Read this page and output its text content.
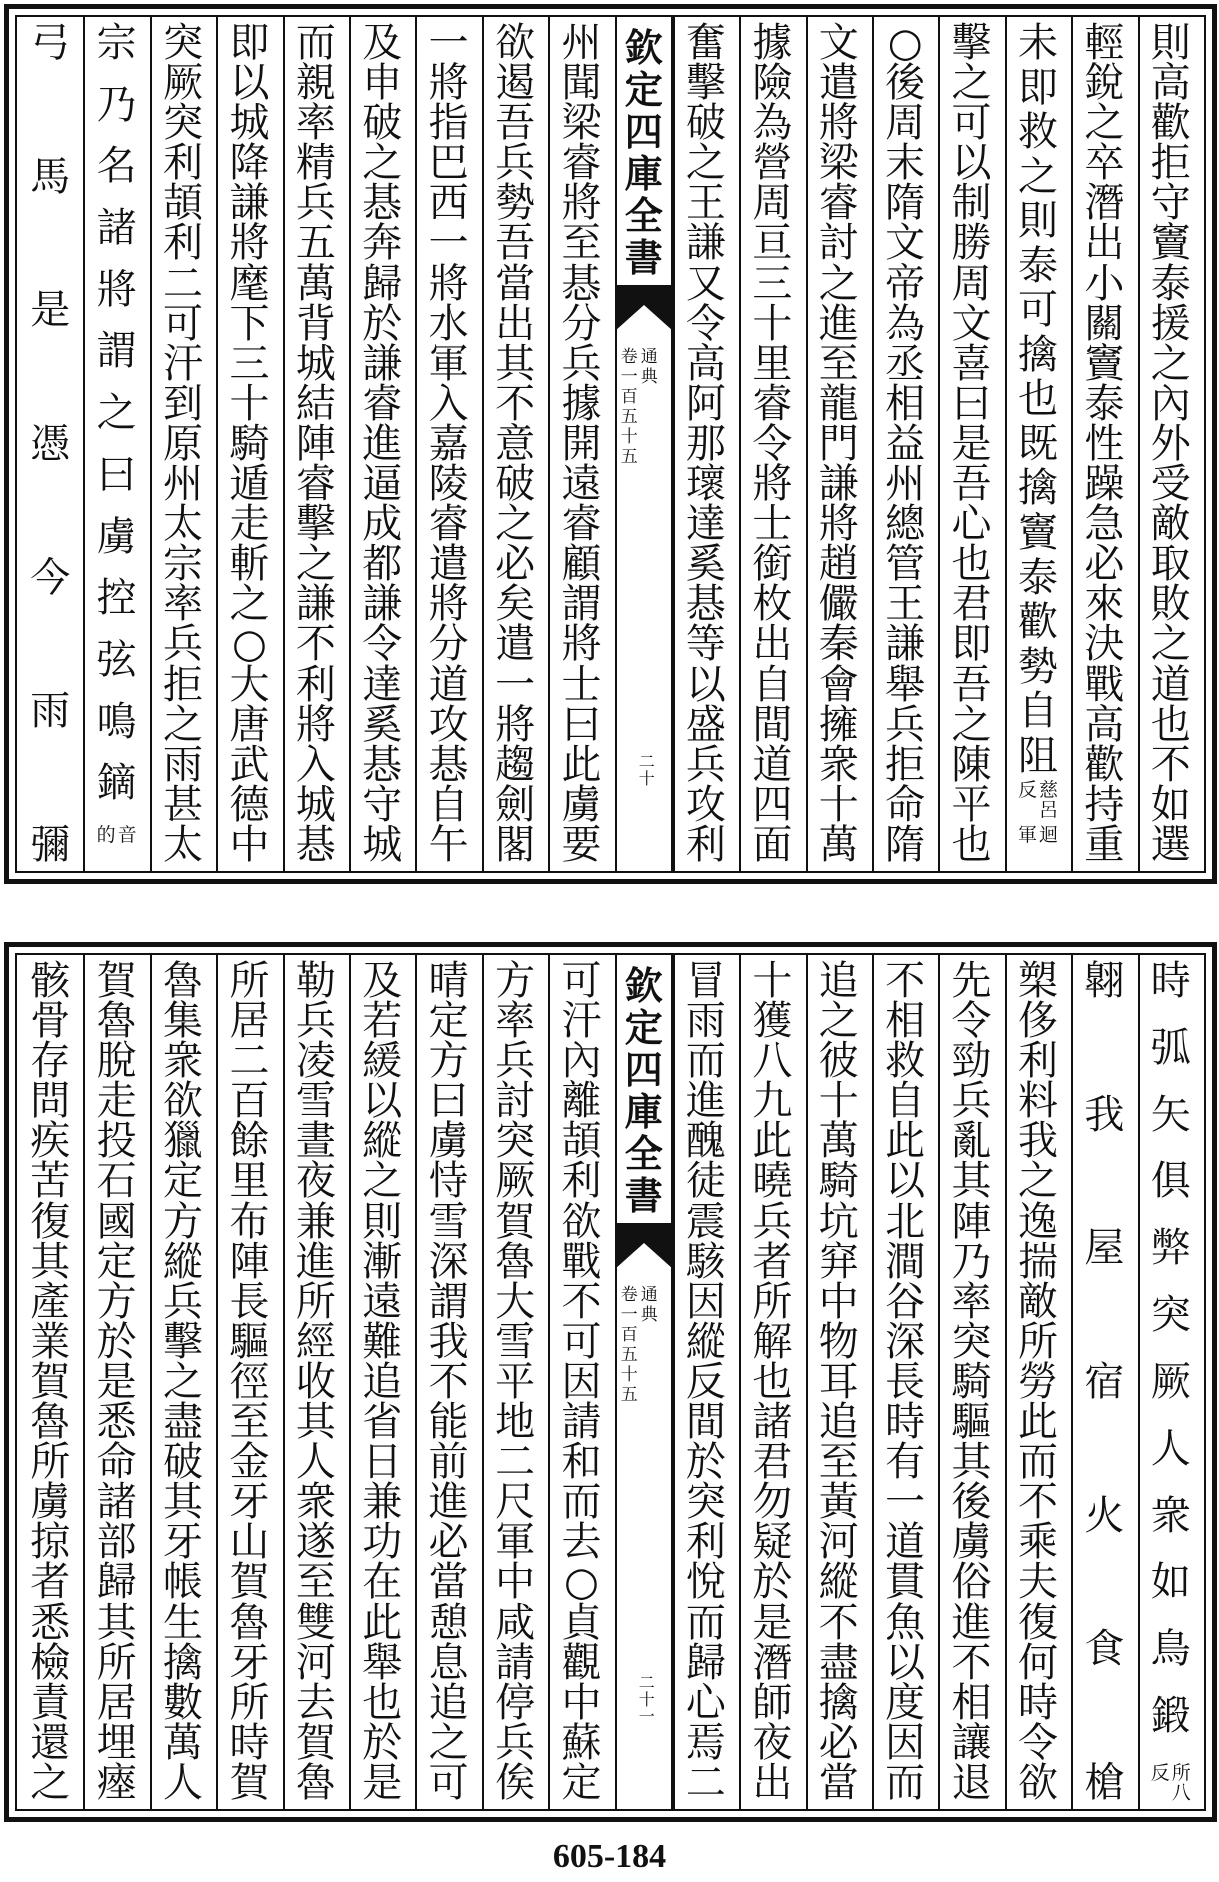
則
高
歡
拒
守
竇
泰
援
之
內
外
受
敵
取
敗
之
道
也
不
如
選
輕
銳
之
卒
潛
出
小
關
竇
泰
性
躁
急
必
來
決
戰
高
歡
持
重
未
即
救
之
則
泰
可
擒
也
既
擒
竇
泰
歡
勢
自
阻
慈
呂
反
迴
軍
擊
之
可
以
制
勝
周
文
喜
曰
是
吾
心
也
君
即
吾
之
陳
平
也
○
後
周
末
隋
文
帝
為
丞
相
益
州
總
管
王
謙
舉
兵
拒
命
隋
文
遣
將
梁
睿
討
之
進
至
龍
門
謙
將
趙
儼
秦
會
擁
衆
十
萬
據
險
為
營
周
亘
三
十
里
睿
令
將
士
銜
枚
出
自
間
道
四
面
奮
擊
破
之
王
謙
又
令
高
阿
那
瓌
達
奚
惎
等
以
盛
兵
攻
利
州
聞
梁
睿
將
至
惎
分
兵
據
開
遠
睿
顧
謂
將
士
曰
此
虜
要
欲
遏
吾
兵
勢
吾
當
出
其
不
意
破
之
必
矣
遣
一
將
趨
劍
閣
一
將
指
巴
西
一
將
水
軍
入
嘉
陵
睿
遣
將
分
道
攻
惎
自
午
及
申
破
之
惎
奔
歸
於
謙
睿
進
逼
成
都
謙
令
達
奚
惎
守
城
而
親
率
精
兵
五
萬
背
城
結
陣
睿
擊
之
謙
不
利
將
入
城
惎
即
以
城
降
謙
將
麾
下
三
十
騎
遁
走
斬
之
○
大
唐
武
德
中
突
厥
突
利
頡
利
二
可
汗
到
原
州
太
宗
率
兵
拒
之
雨
甚
太
宗
乃
名
諸
將
謂
之
曰
虜
控
弦
鳴
鏑
音
的
弓
馬
是
憑
今
雨
彌
欽
定
四
庫
全
書
通
典
卷
一
百
五
十
五
二
十
時
弧
矢
俱
弊
突
厥
人
衆
如
鳥
鍛
所
八
反
翺
我
屋
宿
火
食
槍
槊
侈
利
料
我
之
逸
揣
敵
所
勞
此
而
不
乘
夫
復
何
時
令
欲
先
令
勁
兵
亂
其
陣
乃
率
突
騎
驅
其
後
虜
俗
進
不
相
讓
退
不
相
救
自
此
以
北
澗
谷
深
長
時
有
一
道
貫
魚
以
度
因
而
追
之
彼
十
萬
騎
坑
穽
中
物
耳
追
至
黃
河
縱
不
盡
擒
必
當
十
獲
八
九
此
曉
兵
者
所
解
也
諸
君
勿
疑
於
是
潛
師
夜
出
冒
雨
而
進
醜
徒
震
駭
因
縱
反
間
於
突
利
悅
而
歸
心
焉
二
可
汗
內
離
頡
利
欲
戰
不
可
因
請
和
而
去
○
貞
觀
中
蘇
定
方
率
兵
討
突
厥
賀
魯
大
雪
平
地
二
尺
軍
中
咸
請
停
兵
俟
晴
定
方
曰
虜
恃
雪
深
謂
我
不
能
前
進
必
當
憩
息
追
之
可
及
若
緩
以
縱
之
則
漸
遠
難
追
省
日
兼
功
在
此
舉
也
於
是
勒
兵
凌
雪
晝
夜
兼
進
所
經
收
其
人
衆
遂
至
雙
河
去
賀
魯
所
居
二
百
餘
里
布
陣
長
驅
徑
至
金
牙
山
賀
魯
牙
所
時
賀
魯
集
衆
欲
獵
定
方
縱
兵
擊
之
盡
破
其
牙
帳
生
擒
數
萬
人
賀
魯
脫
走
投
石
國
定
方
於
是
悉
命
諸
部
歸
其
所
居
埋
瘞
骸
骨
存
問
疾
苦
復
其
產
業
賀
魯
所
虜
掠
者
悉
檢
責
還
之
欽
定
四
庫
全
書
通
典
卷
一
百
五
十
五
二
十
一
605-184
